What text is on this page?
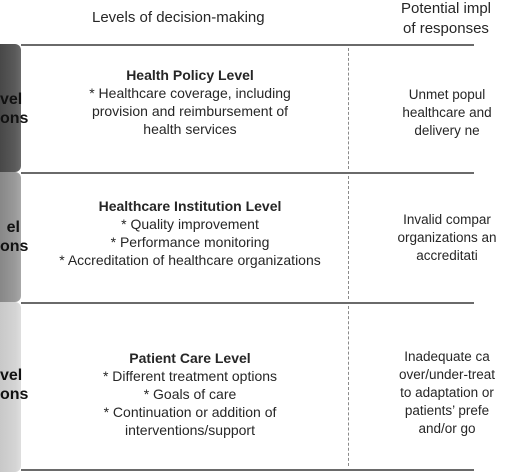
Levels of decision-making
Potential impl
of responses
vel
ons
el
ons
vel
ons
Health Policy Level
* Healthcare coverage, including
provision and reimbursement of
health services
Unmet popul
healthcare and
delivery ne
Healthcare Institution Level
* Quality improvement
* Performance monitoring
* Accreditation of healthcare organizations
Invalid compar
organizations an
accreditati
Patient Care Level
* Different treatment options
* Goals of care
* Continuation or addition of
interventions/support
Inadequate ca
over/under-treat
to adaptation or
patients’ prefe
and/or go
